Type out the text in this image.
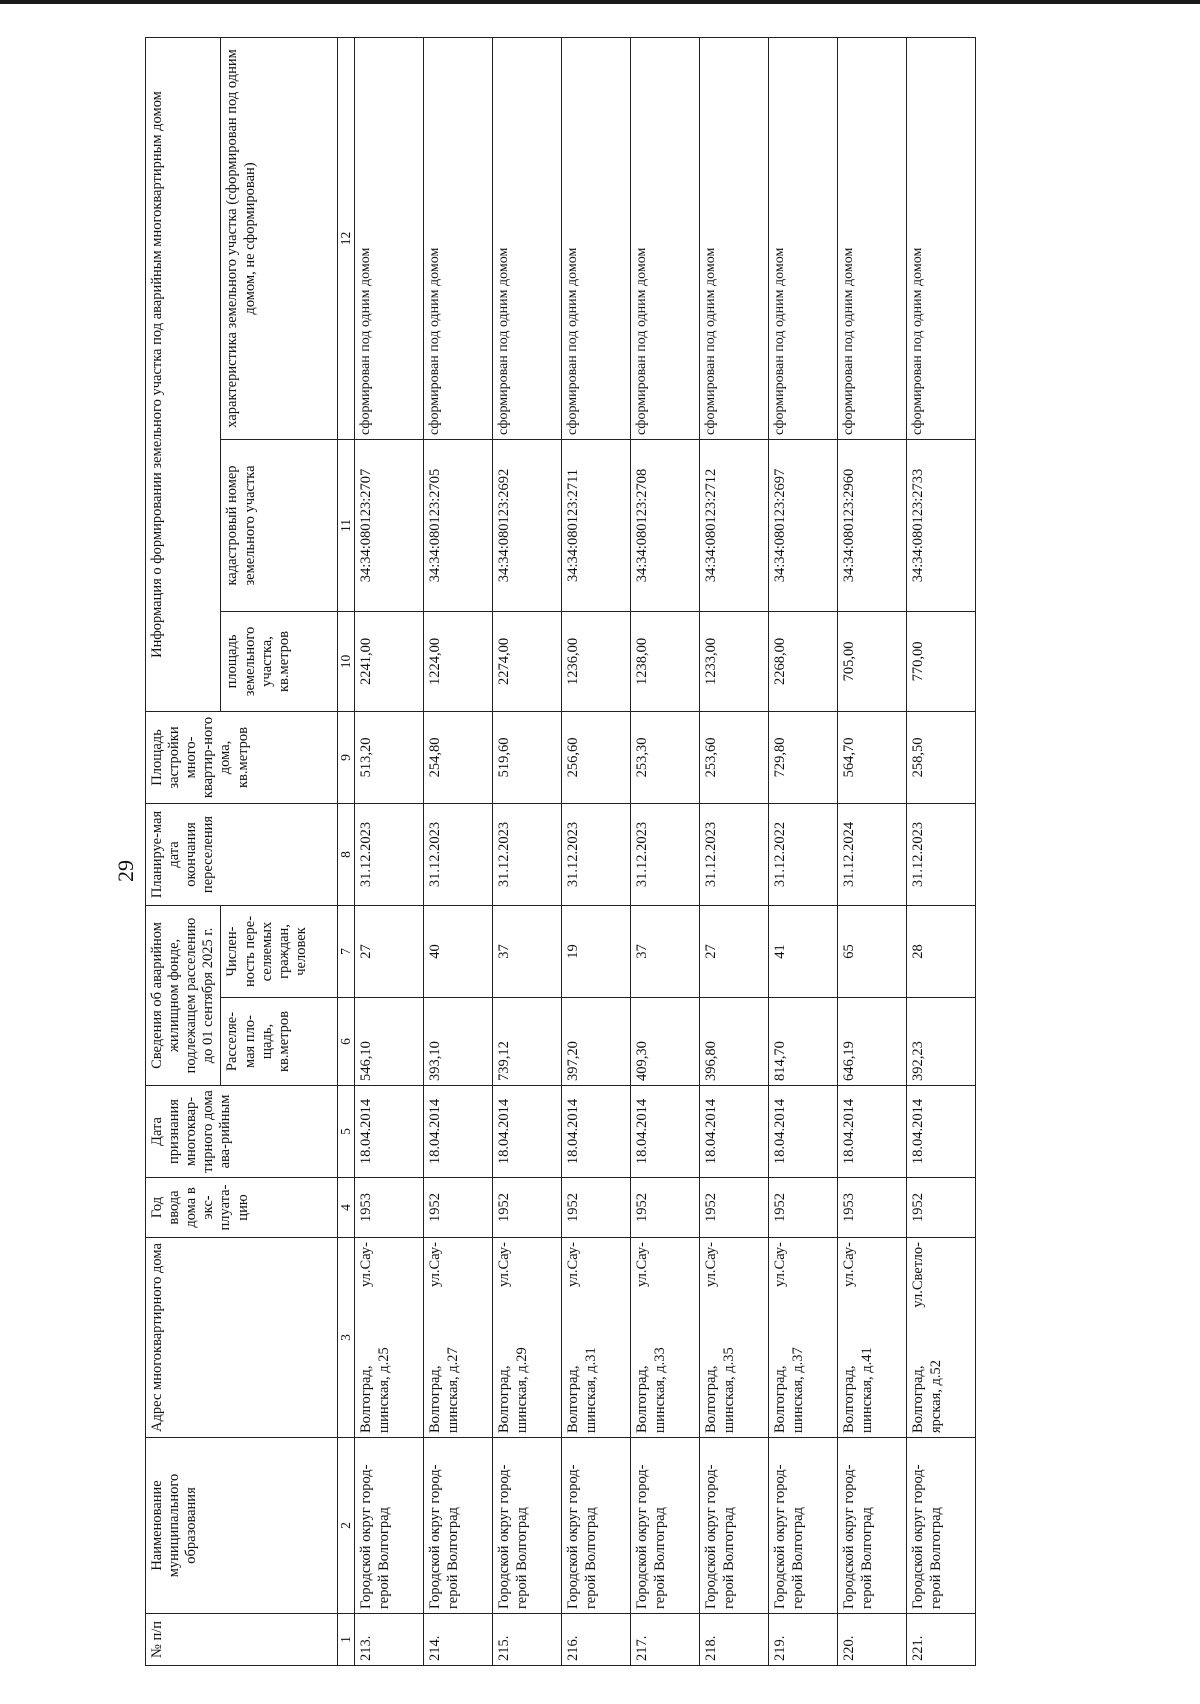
29
№ п/п	Наименование муниципального образования	Адрес многоквартирного дома	Год ввода дома в экс-плуата-цию	Дата признания многоквар-тирного дома ава-рийным	Сведения об аварийном жилищном фонде, подлежащем расселению до 01 сентября 2025 г.		Планируе-мая дата окончания переселения	Площадь застройки много-квартир-ного дома, кв.метров	Информация о формировании земельного участка под аварийным многоквартирным домом		
					Расселяе-мая пло-щадь, кв.метров	Числен-ность пере-селяемых граждан, человек			площадь земельного участка, кв.метров	кадастровый номер земельного участка	характеристика земельного участка (сформирован под одним домом, не сформирован)
1	2	3	4	5	6	7	8	9	10	11	12
213.	Городской округ город-герой Волгоград	Волгоград,
ул.Сау-
шинская, д.25	1953	18.04.2014	546,10	27	31.12.2023	513,20	2241,00	34:34:080123:2707	сформирован под одним домом
214.	Городской округ город-герой Волгоград	Волгоград,
ул.Сау-
шинская, д.27	1952	18.04.2014	393,10	40	31.12.2023	254,80	1224,00	34:34:080123:2705	сформирован под одним домом
215.	Городской округ город-герой Волгоград	Волгоград,
ул.Сау-
шинская, д.29	1952	18.04.2014	739,12	37	31.12.2023	519,60	2274,00	34:34:080123:2692	сформирован под одним домом
216.	Городской округ город-герой Волгоград	Волгоград,
ул.Сау-
шинская, д.31	1952	18.04.2014	397,20	19	31.12.2023	256,60	1236,00	34:34:080123:2711	сформирован под одним домом
217.	Городской округ город-герой Волгоград	Волгоград,
ул.Сау-
шинская, д.33	1952	18.04.2014	409,30	37	31.12.2023	253,30	1238,00	34:34:080123:2708	сформирован под одним домом
218.	Городской округ город-герой Волгоград	Волгоград,
ул.Сау-
шинская, д.35	1952	18.04.2014	396,80	27	31.12.2023	253,60	1233,00	34:34:080123:2712	сформирован под одним домом
219.	Городской округ город-герой Волгоград	Волгоград,
ул.Сау-
шинская, д.37	1952	18.04.2014	814,70	41	31.12.2022	729,80	2268,00	34:34:080123:2697	сформирован под одним домом
220.	Городской округ город-герой Волгоград	Волгоград,
ул.Сау-
шинская, д.41	1953	18.04.2014	646,19	65	31.12.2024	564,70	705,00	34:34:080123:2960	сформирован под одним домом
221.	Городской округ город-герой Волгоград	Волгоград,
ул.Светло-
ярская, д.52	1952	18.04.2014	392,23	28	31.12.2023	258,50	770,00	34:34:080123:2733	сформирован под одним домом
